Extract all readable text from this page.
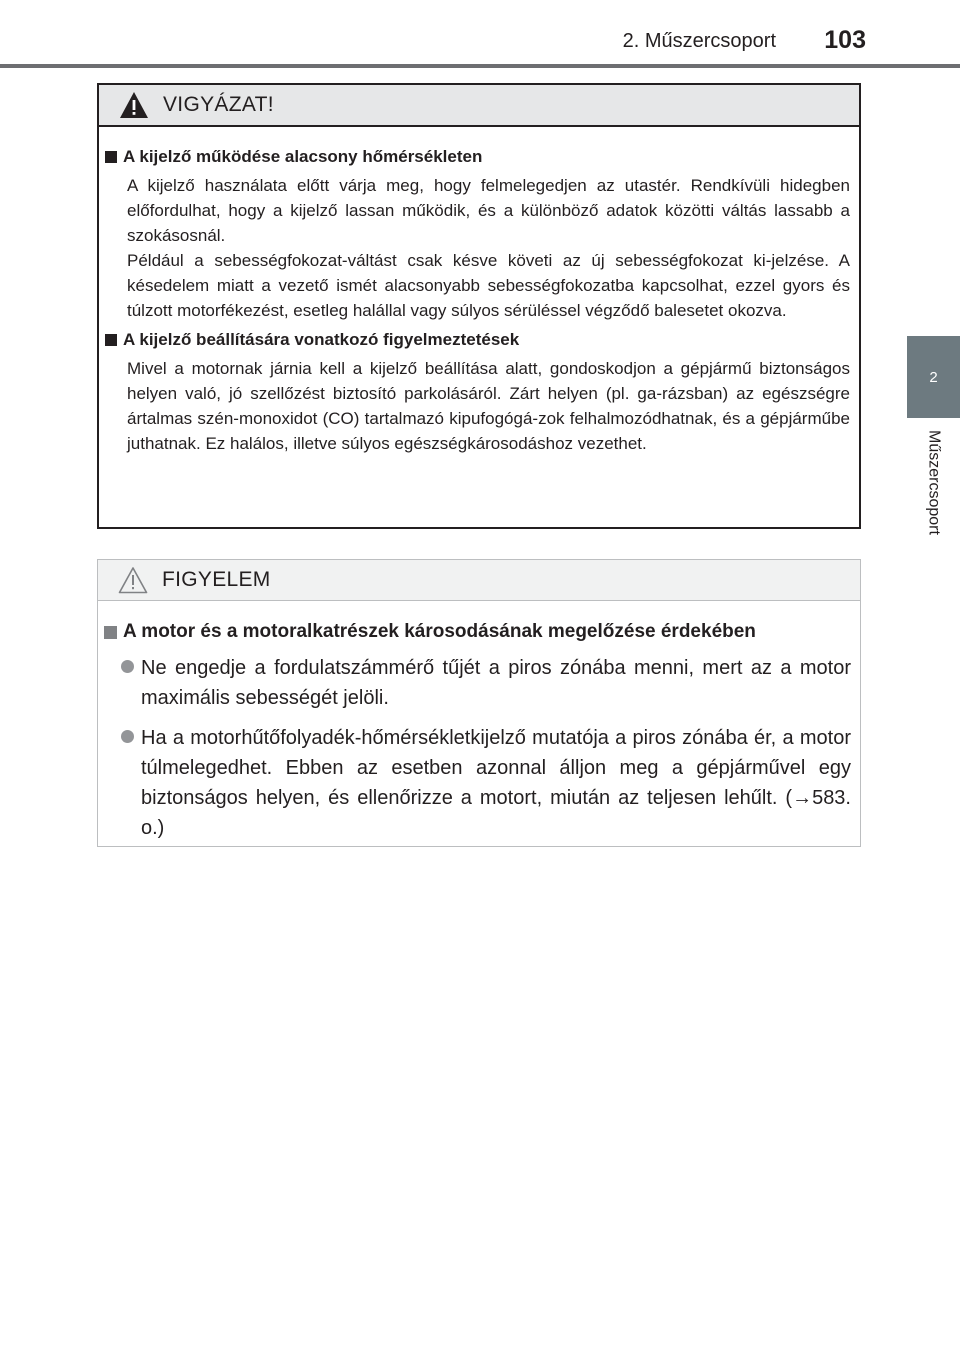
2. Műszercsoport	103
2
Műszercsoport
VIGYÁZAT!
A kijelző működése alacsony hőmérsékleten

A kijelző használata előtt várja meg, hogy felmelegedjen az utastér. Rendkívüli hidegben előfordulhat, hogy a kijelző lassan működik, és a különböző adatok közötti váltás lassabb a szokásosnál.

Például a sebességfokozat-váltást csak késve követi az új sebességfokozat ki-jelzése. A késedelem miatt a vezető ismét alacsonyabb sebességfokozatba kapcsolhat, ezzel gyors és túlzott motorfékezést, esetleg halállal vagy súlyos sérüléssel végződő balesetet okozva.

A kijelző beállítására vonatkozó figyelmeztetések

Mivel a motornak járnia kell a kijelző beállítása alatt, gondoskodjon a gépjármű biztonságos helyen való, jó szellőzést biztosító parkolásáról. Zárt helyen (pl. ga-rázsban) az egészségre ártalmas szén-monoxidot (CO) tartalmazó kipufogógá-zok felhalmozódhatnak, és a gépjárműbe juthatnak. Ez halálos, illetve súlyos egészségkárosodáshoz vezethet.

FIGYELEM
A motor és a motoralkatrészek károsodásának megelőzése érdekében
Ne engedje a fordulatszámmérő tűjét a piros zónába menni, mert az a motor maximális sebességét jelöli.
Ha a motorhűtőfolyadék-hőmérsékletkijelző mutatója a piros zónába ér, a motor túlmelegedhet. Ebben az esetben azonnal álljon meg a gépjárművel egy biztonságos helyen, és ellenőrizze a motort, miután az teljesen lehűlt. (→583. o.)
